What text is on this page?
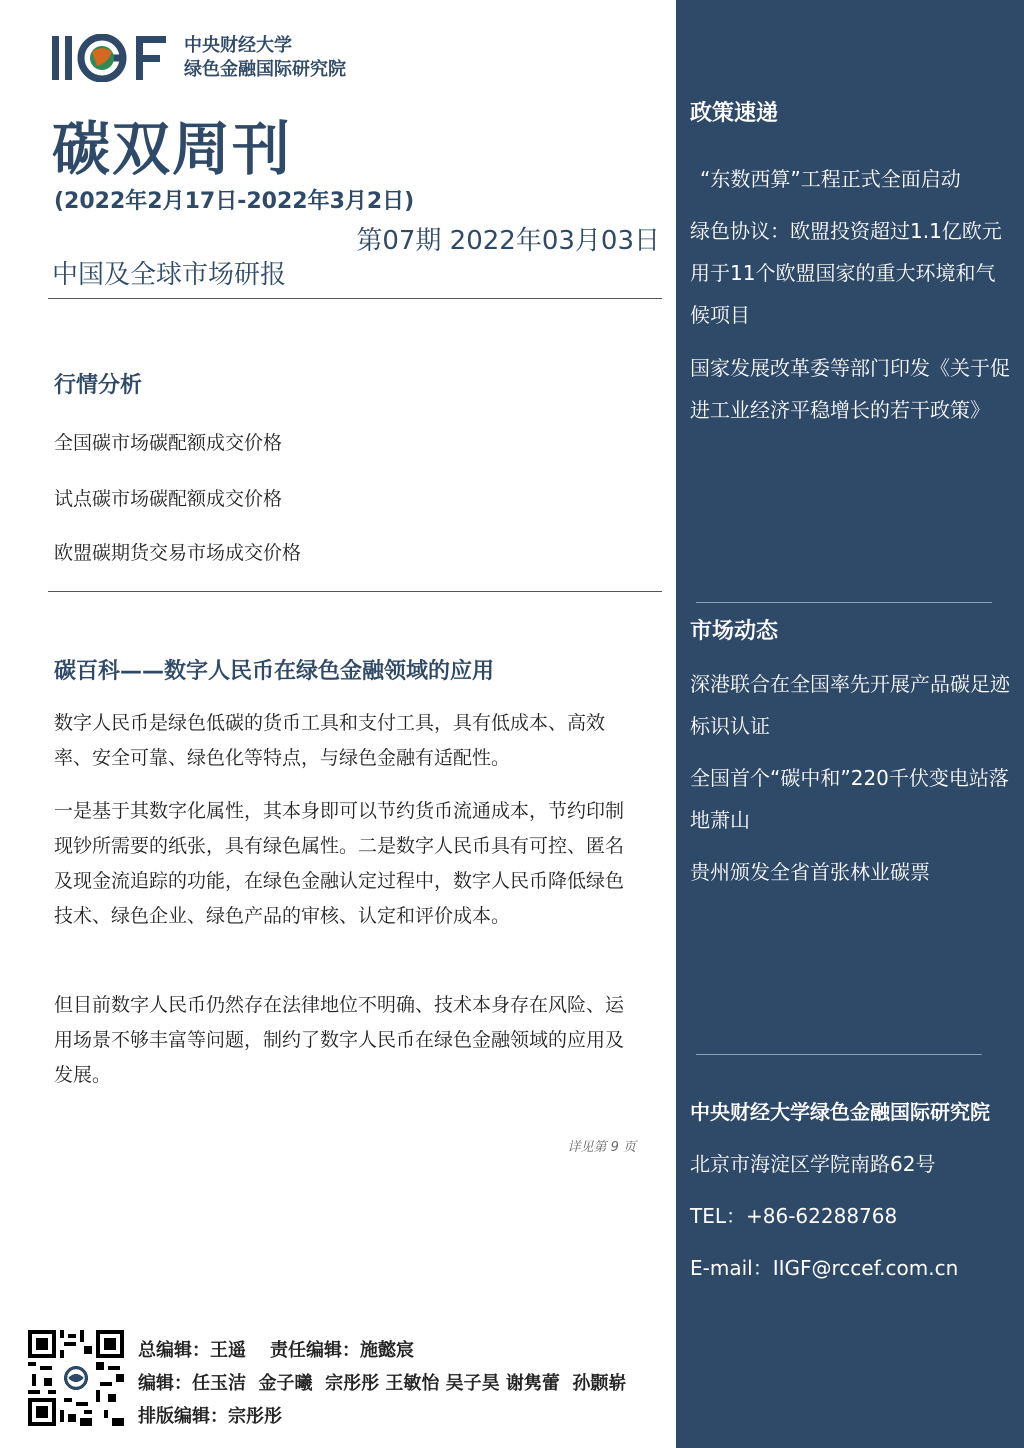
中央财经大学
绿色金融国际研究院
碳双周刊
(2022年2月17日-2022年3月2日)
第07期 2022年03月03日
中国及全球市场研报
行情分析
全国碳市场碳配额成交价格
试点碳市场碳配额成交价格
欧盟碳期货交易市场成交价格
碳百科——数字人民币在绿色金融领域的应用

数字人民币是绿色低碳的货币工具和支付工具，具有低成本、高效率、安全可靠、绿色化等特点，与绿色金融有适配性。

一是基于其数字化属性，其本身即可以节约货币流通成本，节约印制现钞所需要的纸张，具有绿色属性。二是数字人民币具有可控、匿名及现金流追踪的功能，在绿色金融认定过程中，数字人民币降低绿色技术、绿色企业、绿色产品的审核、认定和评价成本。

但目前数字人民币仍然存在法律地位不明确、技术本身存在风险、运用场景不够丰富等问题，制约了数字人民币在绿色金融领域的应用及发展。

详见第 9 页
政策速递

“东数西算”工程正式全面启动

绿色协议：欧盟投资超过1.1亿欧元用于11个欧盟国家的重大环境和气候项目

国家发展改革委等部门印发《关于促进工业经济平稳增长的若干政策》

市场动态

深港联合在全国率先开展产品碳足迹标识认证

全国首个“碳中和”220千伏变电站落地萧山

贵州颁发全省首张林业碳票

中央财经大学绿色金融国际研究院
北京市海淀区学院南路62号
TEL：+86-62288768
E-mail：IIGF@rccef.com.cn
总编辑：王遥 责任编辑：施懿宸
编辑：任玉洁  金子曦  宗彤彤 王敏怡 吴子昊 谢隽蕾  孙颢崭
排版编辑：宗彤彤
